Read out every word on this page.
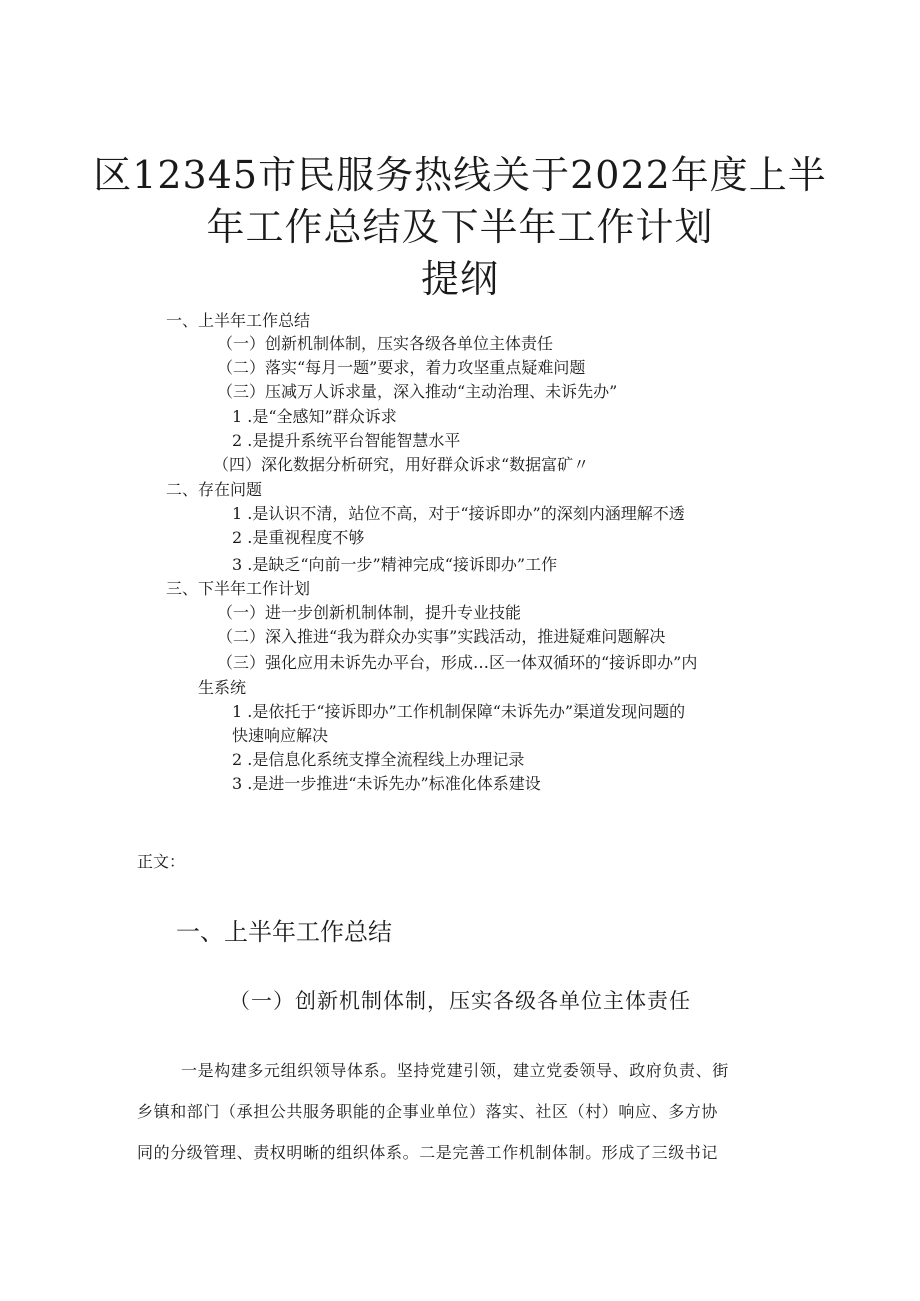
区12345市民服务热线关于2022年度上半
年工作总结及下半年工作计划
提纲
一、上半年工作总结
（一）创新机制体制，压实各级各单位主体责任
（二）落实“每月一题”要求，着力攻坚重点疑难问题
（三）压减万人诉求量，深入推动“主动治理、未诉先办”
1 .是“全感知”群众诉求
2 .是提升系统平台智能智慧水平
（四）深化数据分析研究，用好群众诉求“数据富矿〃
二、存在问题
1 .是认识不清，站位不高，对于“接诉即办”的深刻内涵理解不透
2 .是重视程度不够
3 .是缺乏“向前一步”精神完成“接诉即办”工作
三、下半年工作计划
（一）进一步创新机制体制，提升专业技能
（二）深入推进“我为群众办实事”实践活动，推进疑难问题解决
（三）强化应用未诉先办平台，形成…区一体双循环的“接诉即办”内
生系统
1 .是依托于“接诉即办”工作机制保障“未诉先办”渠道发现问题的
快速响应解决
2 .是信息化系统支撑全流程线上办理记录
3 .是进一步推进“未诉先办”标准化体系建设
正文：
一、上半年工作总结
（一）创新机制体制，压实各级各单位主体责任
一是构建多元组织领导体系。坚持党建引领，建立党委领导、政府负责、街
乡镇和部门（承担公共服务职能的企事业单位）落实、社区（村）响应、多方协
同的分级管理、责权明晰的组织体系。二是完善工作机制体制。形成了三级书记
